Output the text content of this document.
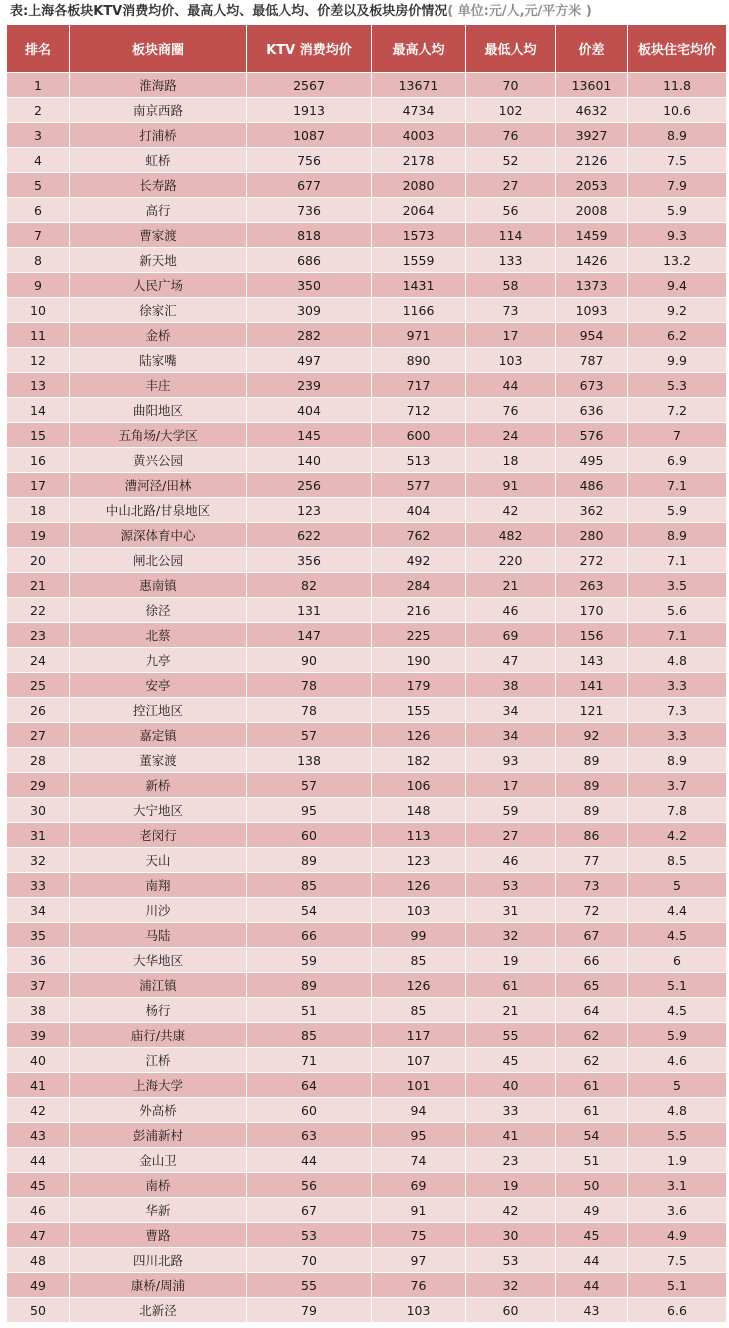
表:上海各板块KTV消费均价、最高人均、最低人均、价差以及板块房价情况( 单位:元/人,元/平方米 )
排名	板块商圈	KTV 消费均价	最高人均	最低人均	价差	板块住宅均价
1	淮海路	2567	13671	70	13601	11.8
2	南京西路	1913	4734	102	4632	10.6
3	打浦桥	1087	4003	76	3927	8.9
4	虹桥	756	2178	52	2126	7.5
5	长寿路	677	2080	27	2053	7.9
6	高行	736	2064	56	2008	5.9
7	曹家渡	818	1573	114	1459	9.3
8	新天地	686	1559	133	1426	13.2
9	人民广场	350	1431	58	1373	9.4
10	徐家汇	309	1166	73	1093	9.2
11	金桥	282	971	17	954	6.2
12	陆家嘴	497	890	103	787	9.9
13	丰庄	239	717	44	673	5.3
14	曲阳地区	404	712	76	636	7.2
15	五角场/大学区	145	600	24	576	7
16	黄兴公园	140	513	18	495	6.9
17	漕河泾/田林	256	577	91	486	7.1
18	中山北路/甘泉地区	123	404	42	362	5.9
19	源深体育中心	622	762	482	280	8.9
20	闸北公园	356	492	220	272	7.1
21	惠南镇	82	284	21	263	3.5
22	徐泾	131	216	46	170	5.6
23	北蔡	147	225	69	156	7.1
24	九亭	90	190	47	143	4.8
25	安亭	78	179	38	141	3.3
26	控江地区	78	155	34	121	7.3
27	嘉定镇	57	126	34	92	3.3
28	董家渡	138	182	93	89	8.9
29	新桥	57	106	17	89	3.7
30	大宁地区	95	148	59	89	7.8
31	老闵行	60	113	27	86	4.2
32	天山	89	123	46	77	8.5
33	南翔	85	126	53	73	5
34	川沙	54	103	31	72	4.4
35	马陆	66	99	32	67	4.5
36	大华地区	59	85	19	66	6
37	浦江镇	89	126	61	65	5.1
38	杨行	51	85	21	64	4.5
39	庙行/共康	85	117	55	62	5.9
40	江桥	71	107	45	62	4.6
41	上海大学	64	101	40	61	5
42	外高桥	60	94	33	61	4.8
43	彭浦新村	63	95	41	54	5.5
44	金山卫	44	74	23	51	1.9
45	南桥	56	69	19	50	3.1
46	华新	67	91	42	49	3.6
47	曹路	53	75	30	45	4.9
48	四川北路	70	97	53	44	7.5
49	康桥/周浦	55	76	32	44	5.1
50	北新泾	79	103	60	43	6.6
